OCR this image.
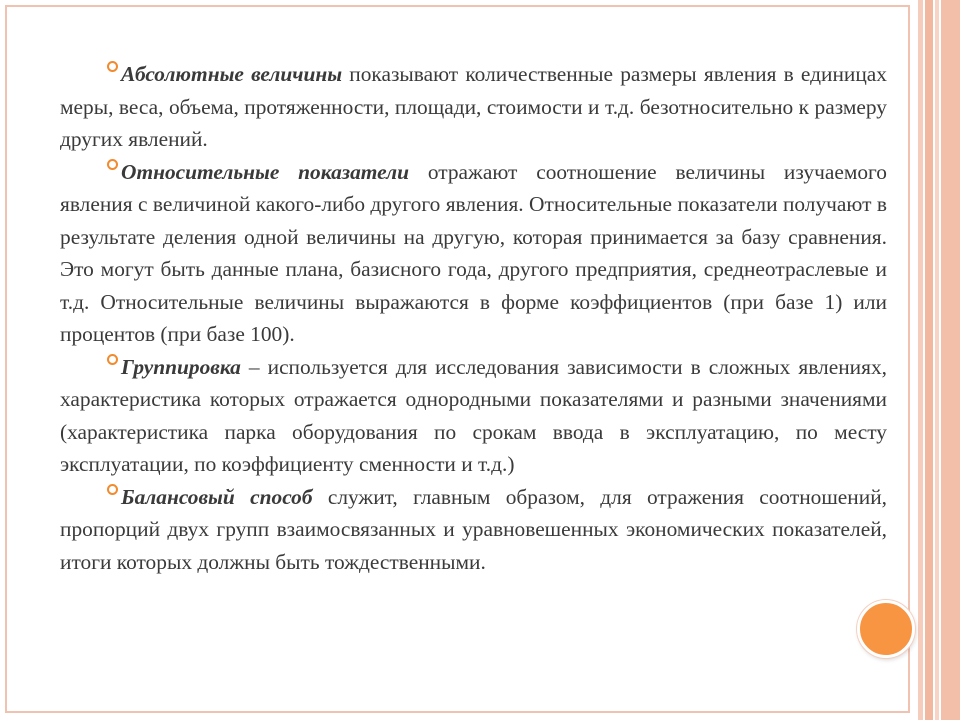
Абсолютные величины показывают количественные размеры явления в единицах меры, веса, объема, протяженности, площади, стоимости и т.д. безотносительно к размеру других явлений.

Относительные показатели отражают соотношение величины изучаемого явления с величиной какого-либо другого явления. Относительные показатели получают в результате деления одной величины на другую, которая принимается за базу сравнения. Это могут быть данные плана, базисного года, другого предприятия, среднеотраслевые и т.д. Относительные величины выражаются в форме коэффициентов (при базе 1) или процентов (при базе 100).

Группировка – используется для исследования зависимости в сложных явлениях, характеристика которых отражается однородными показателями и разными значениями (характеристика парка оборудования по срокам ввода в эксплуатацию, по месту эксплуатации, по коэффициенту сменности и т.д.)

Балансовый способ служит, главным образом, для отражения соотношений, пропорций двух групп взаимосвязанных и уравновешенных экономических показателей, итоги которых должны быть тождественными.
